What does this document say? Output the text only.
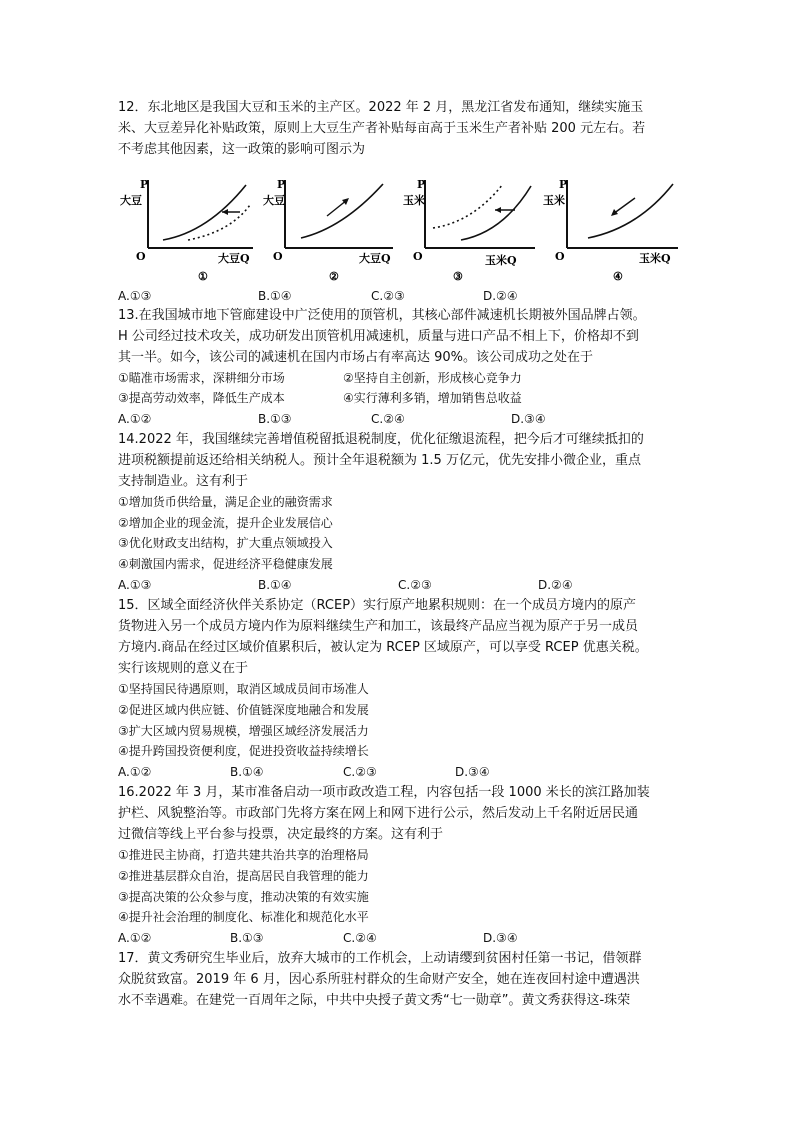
12．东北地区是我国大豆和玉米的主产区。2022 年 2 月，黑龙江省发布通知，继续实施玉
米、大豆差异化补贴政策，原则上大豆生产者补贴每亩高于玉米生产者补贴 200 元左右。若
不考虑其他因素，这一政策的影响可图示为
P
大豆
O	大豆Q
①
P
大豆
O	大豆Q
②
P
玉米
O	玉米Q
③
P
玉米
O	玉米Q
④
A.①③	B.①④	C.②③	D.②④
13.在我国城市地下管廊建设中广泛使用的顶管机，其核心部件减速机长期被外国品牌占领。
H 公司经过技术攻关，成功研发出顶管机用减速机，质量与进口产品不相上下，价格却不到
其一半。如今，该公司的减速机在国内市场占有率高达 90%。该公司成功之处在于
①瞄准市场需求，深耕细分市场	②坚持自主创新，形成核心竞争力
③提高劳动效率，降低生产成本	④实行薄利多销，增加销售总收益
A.①②	B.①③	C.②④	D.③④
14.2022 年，我国继续完善增值税留抵退税制度，优化征缴退流程，把今后才可继续抵扣的
进项税额提前返还给相关纳税人。预计全年退税额为 1.5 万亿元，优先安排小微企业，重点
支持制造业。这有利于
①增加货币供给量，满足企业的融资需求
②增加企业的现金流，提升企业发展信心
③优化财政支出结构，扩大重点领域投入
④刺激国内需求，促进经济平稳健康发展
A.①③	B.①④	C.②③	D.②④
15．区域全面经济伙伴关系协定（RCEP）实行原产地累积规则：在一个成员方境内的原产
货物进入另一个成员方境内作为原料继续生产和加工，该最终产品应当视为原产于另一成员
方境内.商品在经过区域价值累积后，被认定为 RCEP 区域原产，可以享受 RCEP 优惠关税。
实行该规则的意义在于
①坚持国民待遇原则，取消区域成员间市场准人
②促进区域内供应链、价值链深度地融合和发展
③扩大区域内贸易规模，增强区域经济发展活力
④提升跨国投资便利度，促进投资收益持续增长
A.①②	B.①④	C.②③	D.③④
16.2022 年 3 月，某市准备启动一项市政改造工程，内容包括一段 1000 米长的滨江路加装
护栏、风貌整治等。市政部门先将方案在网上和网下进行公示，然后发动上千名附近居民通
过微信等线上平台参与投票，决定最终的方案。这有利于
①推进民主协商，打造共建共治共享的治理格局
②推进基层群众自治，提高居民自我管理的能力
③提高决策的公众参与度，推动决策的有效实施
④提升社会治理的制度化、标准化和规范化水平
A.①②	B.①③	C.②④	D.③④
17．黄文秀研究生毕业后，放弃大城市的工作机会，上动请缨到贫困村任第一书记，借领群
众脱贫致富。2019 年 6 月，因心系所驻村群众的生命财产安全，她在连夜回村途中遭遇洪
水不幸遇难。在建党一百周年之际，中共中央授子黄文秀“七一勋章”。黄文秀获得这-珠荣
